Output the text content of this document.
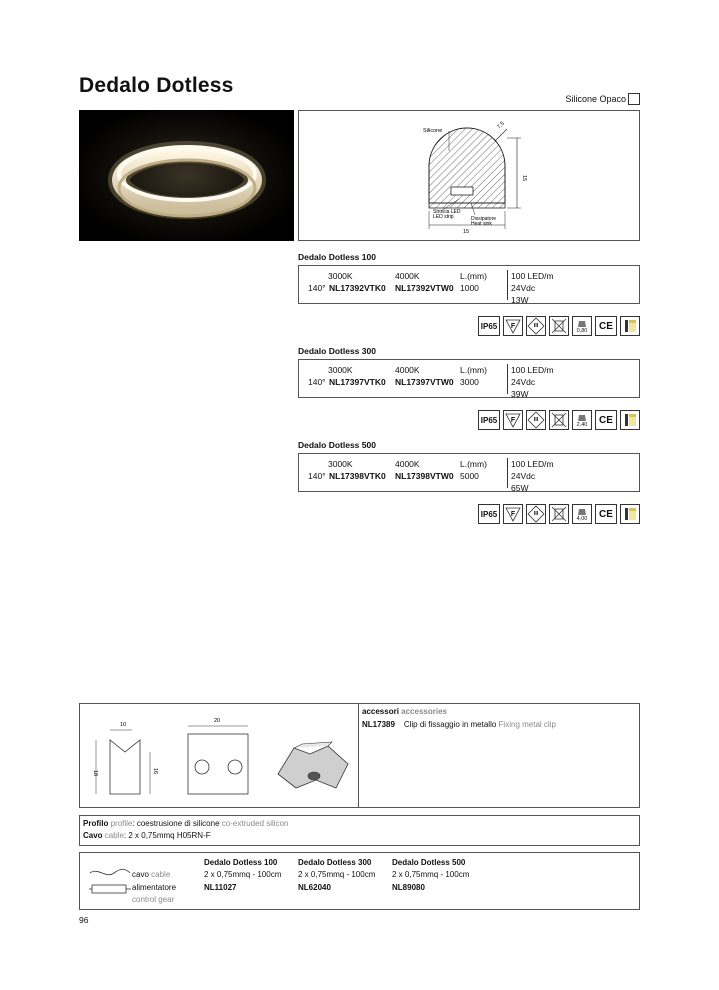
Dedalo Dotless
Silicone Opaco
Silicone
Striscia LED
LED strip	Dissipatore
Heat sink
7,5
15
15
Dedalo Dotless 100
3000K	4000K	L.(mm)
140° NL17392VTK0 NL17392VTW0 1000
100 LED/m
24Vdc
13W
IP65 F	III
0,80 CE
Dedalo Dotless 300
3000K	4000K	L.(mm)
140° NL17397VTK0 NL17397VTW0 3000
100 LED/m
24Vdc
39W
IP65 F	III
2,40 CE
Dedalo Dotless 500
3000K	4000K	L.(mm)
140° NL17398VTK0 NL17398VTW0 5000
100 LED/m
24Vdc
65W
IP65 F	III
4,00 CE
10
18	16
20
accessori accessories
NL17389 Clip di fissaggio in metallo Fixing metal clip
Profilo profile: coestrusione di silicone co-extruded silicon
Cavo cable: 2 x 0,75mmq H05RN-F
cavo cable
alimentatore
control gear
Dedalo Dotless 100
2 x 0,75mmq - 100cm
NL11027
Dedalo Dotless 300
2 x 0,75mmq - 100cm
NL62040
Dedalo Dotless 500
2 x 0,75mmq - 100cm
NL89080
96
